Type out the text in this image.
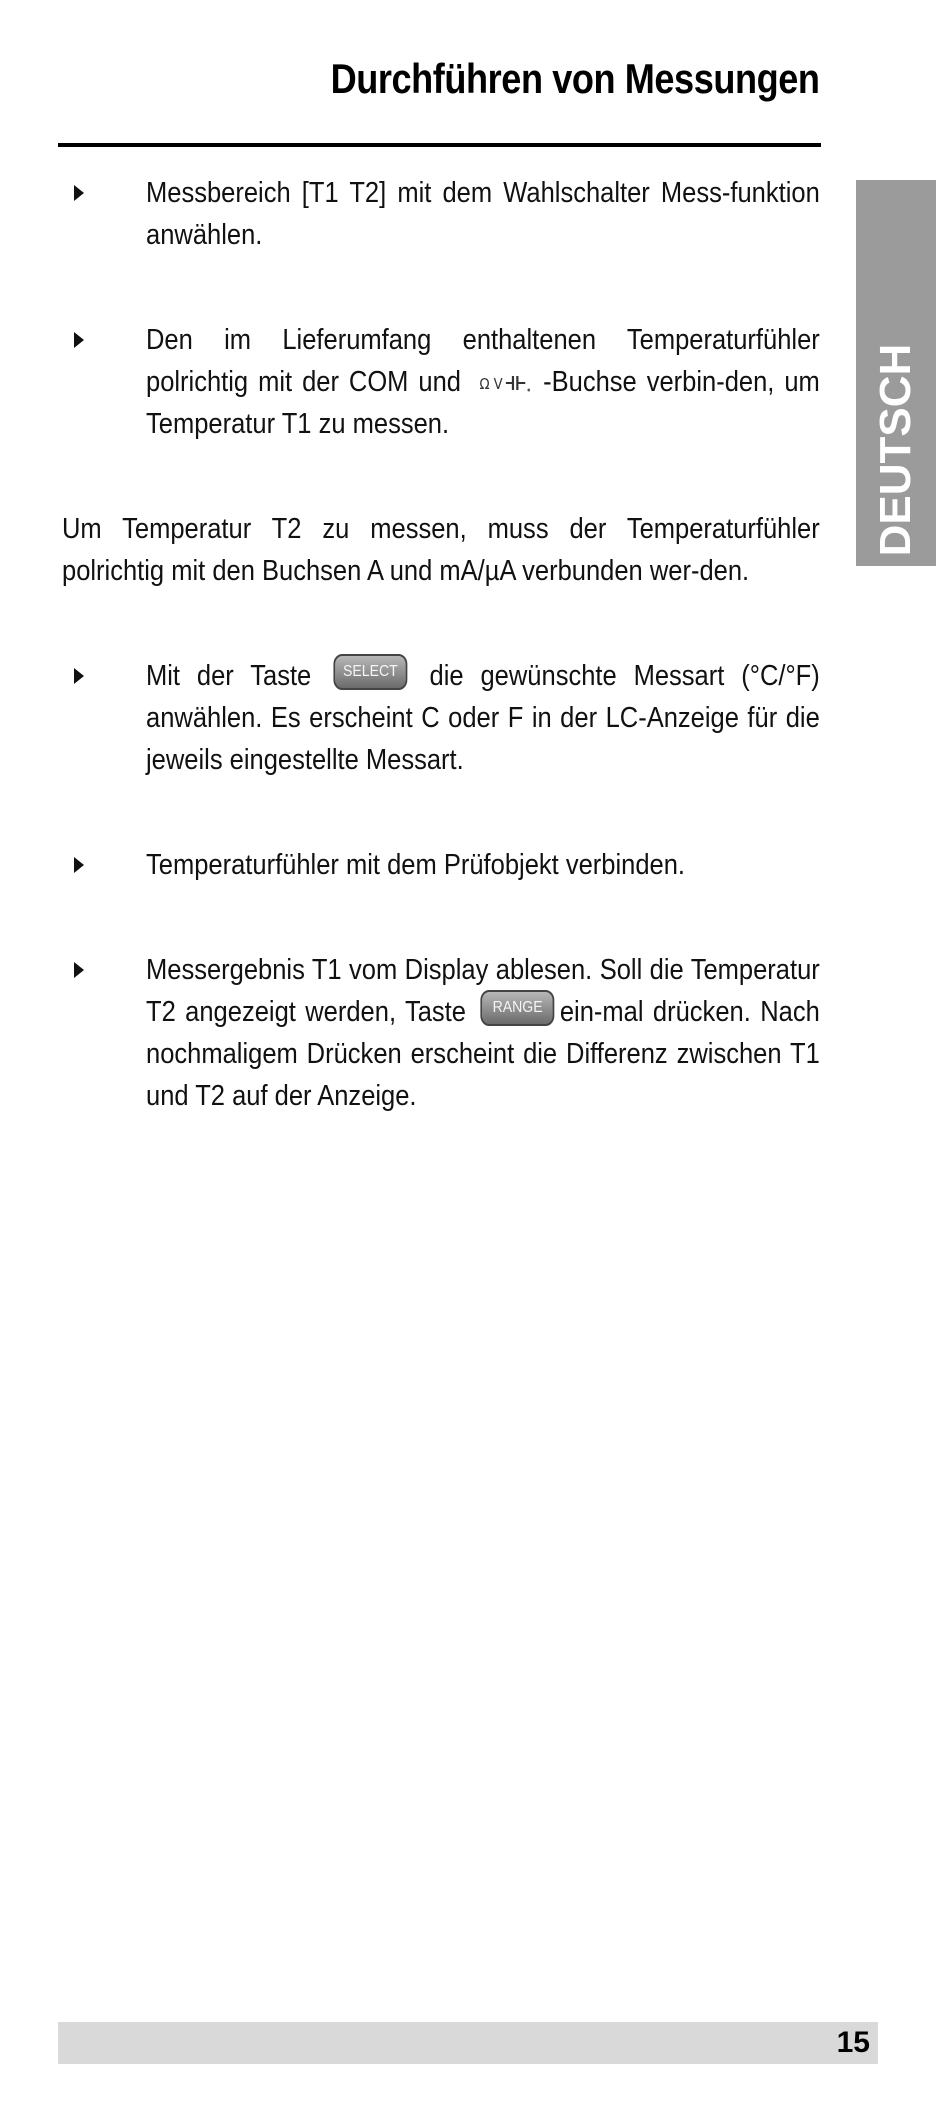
Durchführen von Messungen
DEUTSCH
Messbereich [T1 T2] mit dem Wahlschalter Mess-funktion anwählen.
Den im Lieferumfang enthaltenen Temperaturfühler polrichtig mit der COM und Ω V -Buchse verbin-den, um Temperatur T1 zu messen.
Um Temperatur T2 zu messen, muss der Temperaturfühler polrichtig mit den Buchsen A und mA/µA verbunden wer-den.
Mit der Taste SELECT die gewünschte Messart (°C/°F) anwählen. Es erscheint C oder F in der LC-Anzeige für die jeweils eingestellte Messart.
Temperaturfühler mit dem Prüfobjekt verbinden.
Messergebnis T1 vom Display ablesen. Soll die Temperatur T2 angezeigt werden, Taste	RANGE ein-mal drücken. Nach nochmaligem Drücken erscheint die Differenz zwischen T1 und T2 auf der Anzeige.
15
